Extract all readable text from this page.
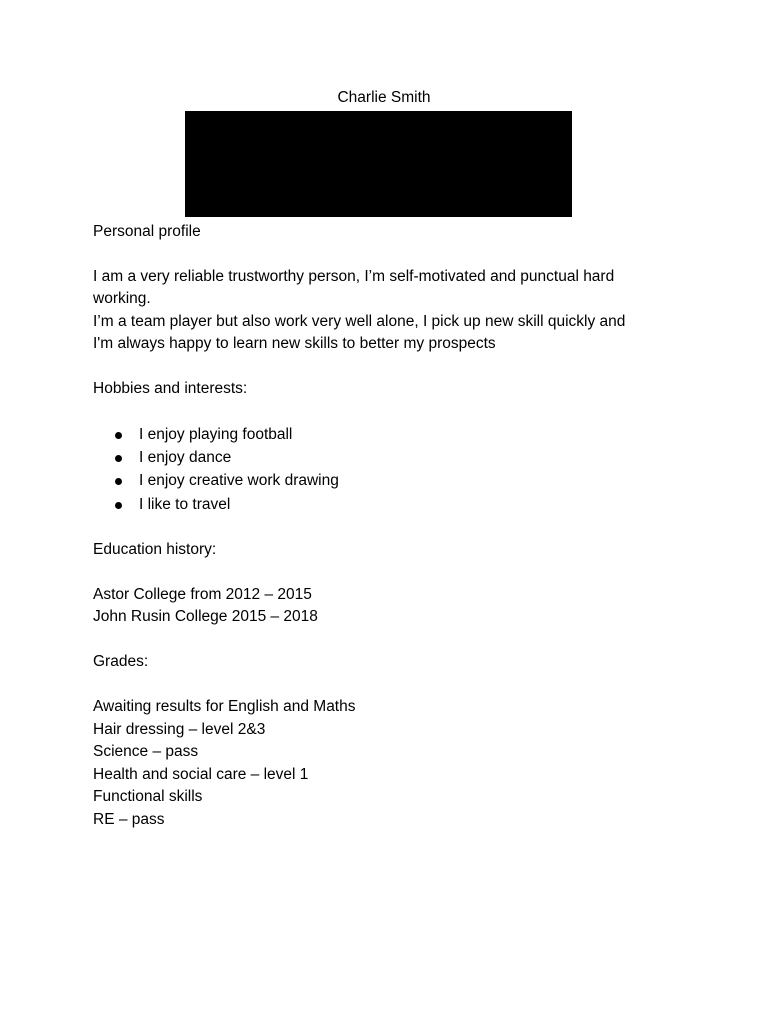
Charlie Smith
Personal profile
I am a very reliable trustworthy person, I’m self-motivated and punctual hard
working.
I’m a team player but also work very well alone, I pick up new skill quickly and
I'm always happy to learn new skills to better my prospects
Hobbies and interests:
I enjoy playing football
I enjoy dance
I enjoy creative work drawing
I like to travel
Education history:
Astor College from 2012 – 2015
John Rusin College 2015 – 2018
Grades:
Awaiting results for English and Maths
Hair dressing – level 2&3
Science – pass
Health and social care – level 1
Functional skills
RE – pass
